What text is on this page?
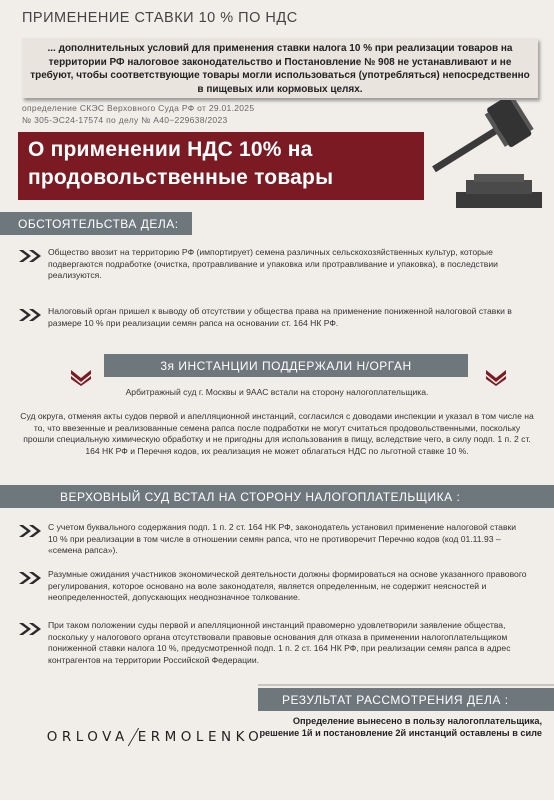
ПРИМЕНЕНИЕ СТАВКИ 10 % ПО НДС

... дополнительных условий для применения ставки налога 10 % при реализации товаров на территории РФ налоговое законодательство и Постановление № 908 не устанавливают и не требуют, чтобы соответствующие товары могли использоваться (употребляться) непосредственно в пищевых или кормовых целях.

определение СКЭС Верховного Суда РФ от 29.01.2025
№ 305-ЭС24-17574 по делу № А40−229638/2023
О применении НДС 10% на
продовольственные товары
ОБСТОЯТЕЛЬСТВА ДЕЛА:
Общество ввозит на территорию РФ (импортирует) семена различных сельскохозяйственных культур, которые подвергаются подработке (очистка, протравливание и упаковка или протравливание и упаковка), в последствии реализуются.
Налоговый орган пришел к выводу об отсутствии у общества права на применение пониженной налоговой ставки в размере 10 % при реализации семян рапса на основании ст. 164 НК РФ.
3я ИНСТАНЦИИ ПОДДЕРЖАЛИ Н/ОРГАН
Арбитражный суд г. Москвы и 9ААС встали на сторону налогоплательщика.
Суд округа, отменяя акты судов первой и апелляционной инстанций, согласился с доводами инспекции и указал в том числе на то, что ввезенные и реализованные семена рапса после подработки не могут считаться продовольственными, поскольку прошли специальную химическую обработку и не пригодны для использования в пищу, вследствие чего, в силу подп. 1 п. 2 ст. 164 НК РФ и Перечня кодов, их реализация не может облагаться НДС по льготной ставке 10 %.
ВЕРХОВНЫЙ СУД ВСТАЛ НА СТОРОНУ НАЛОГОПЛАТЕЛЬЩИКА :
С учетом буквального содержания подп. 1 п. 2 ст. 164 НК РФ, законодатель установил применение налоговой ставки 10 % при реализации в том числе в отношении семян рапса, что не противоречит Перечню кодов (код 01.11.93 – «семена рапса»).
Разумные ожидания участников экономической деятельности должны формироваться на основе указанного правового регулирования, которое основано на воле законодателя, является определенным, не содержит неясностей и неопределенностей, допускающих неоднозначное толкование.
При таком положении суды первой и апелляционной инстанций правомерно удовлетворили заявление общества, поскольку у налогового органа отсутствовали правовые основания для отказа в применении налогоплательщиком пониженной ставки налога 10 %, предусмотренной подп. 1 п. 2 ст. 164 НК РФ, при реализации семян рапса в адрес контрагентов на территории Российской Федерации.
РЕЗУЛЬТАТ РАССМОТРЕНИЯ ДЕЛА :
Определение вынесено в пользу налогоплательщика,
решение 1й и постановление 2й инстанций оставлены в силе
ORLOVA ERMOLENKO
